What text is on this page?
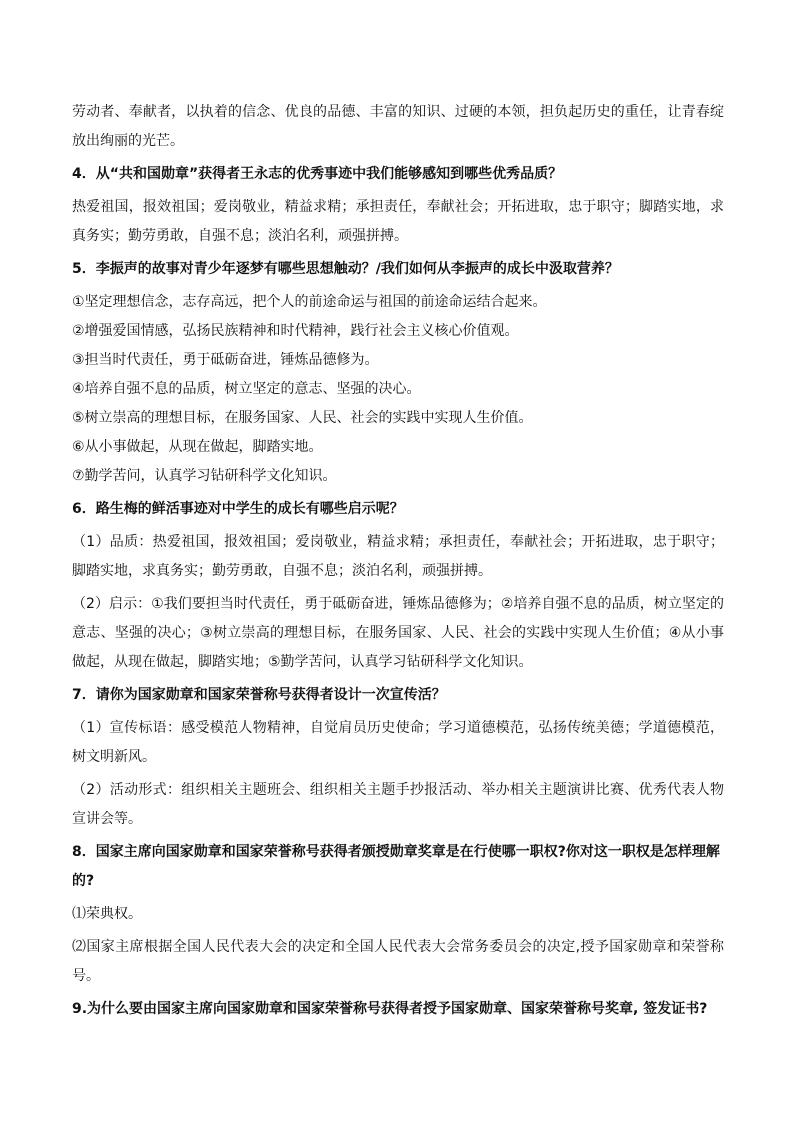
劳动者、奉献者，以执着的信念、优良的品德、丰富的知识、过硬的本领，担负起历史的重任，让青春绽放出绚丽的光芒。

4．从“共和国勋章”获得者王永志的优秀事迹中我们能够感知到哪些优秀品质？

热爱祖国，报效祖国；爱岗敬业，精益求精；承担责任，奉献社会；开拓进取，忠于职守；脚踏实地，求真务实；勤劳勇敢，自强不息；淡泊名利，顽强拼搏。

5．李振声的故事对青少年逐梦有哪些思想触动？/我们如何从李振声的成长中汲取营养？

①坚定理想信念，志存高远，把个人的前途命运与祖国的前途命运结合起来。

②增强爱国情感，弘扬民族精神和时代精神，践行社会主义核心价值观。

③担当时代责任，勇于砥砺奋进，锤炼品德修为。

④培养自强不息的品质，树立坚定的意志、坚强的决心。

⑤树立崇高的理想目标，在服务国家、人民、社会的实践中实现人生价值。

⑥从小事做起，从现在做起，脚踏实地。

⑦勤学苦问，认真学习钻研科学文化知识。

6．路生梅的鲜活事迹对中学生的成长有哪些启示呢？

（1）品质：热爱祖国，报效祖国；爱岗敬业，精益求精；承担责任，奉献社会；开拓进取，忠于职守；脚踏实地，求真务实；勤劳勇敢，自强不息；淡泊名利，顽强拼搏。

（2）启示：①我们要担当时代责任，勇于砥砺奋进，锤炼品德修为；②培养自强不息的品质，树立坚定的意志、坚强的决心；③树立崇高的理想目标，在服务国家、人民、社会的实践中实现人生价值；④从小事做起，从现在做起，脚踏实地；⑤勤学苦问，认真学习钻研科学文化知识。

7．请你为国家勋章和国家荣誉称号获得者设计一次宣传活？

（1）宣传标语：感受模范人物精神，自觉肩员历史使命；学习道德模范，弘扬传统美德；学道德模范，树文明新风。

（2）活动形式：组织相关主题班会、组织相关主题手抄报活动、举办相关主题演讲比赛、优秀代表人物宣讲会等。

8．国家主席向国家勋章和国家荣誉称号获得者颁授勋章奖章是在行使哪一职权?你对这一职权是怎样理解的?

⑴荣典权。

⑵国家主席根据全国人民代表大会的决定和全国人民代表大会常务委员会的决定,授予国家勋章和荣誉称号。

9.为什么要由国家主席向国家勋章和国家荣誉称号获得者授予国家勋章、国家荣誉称号奖章, 签发证书?
